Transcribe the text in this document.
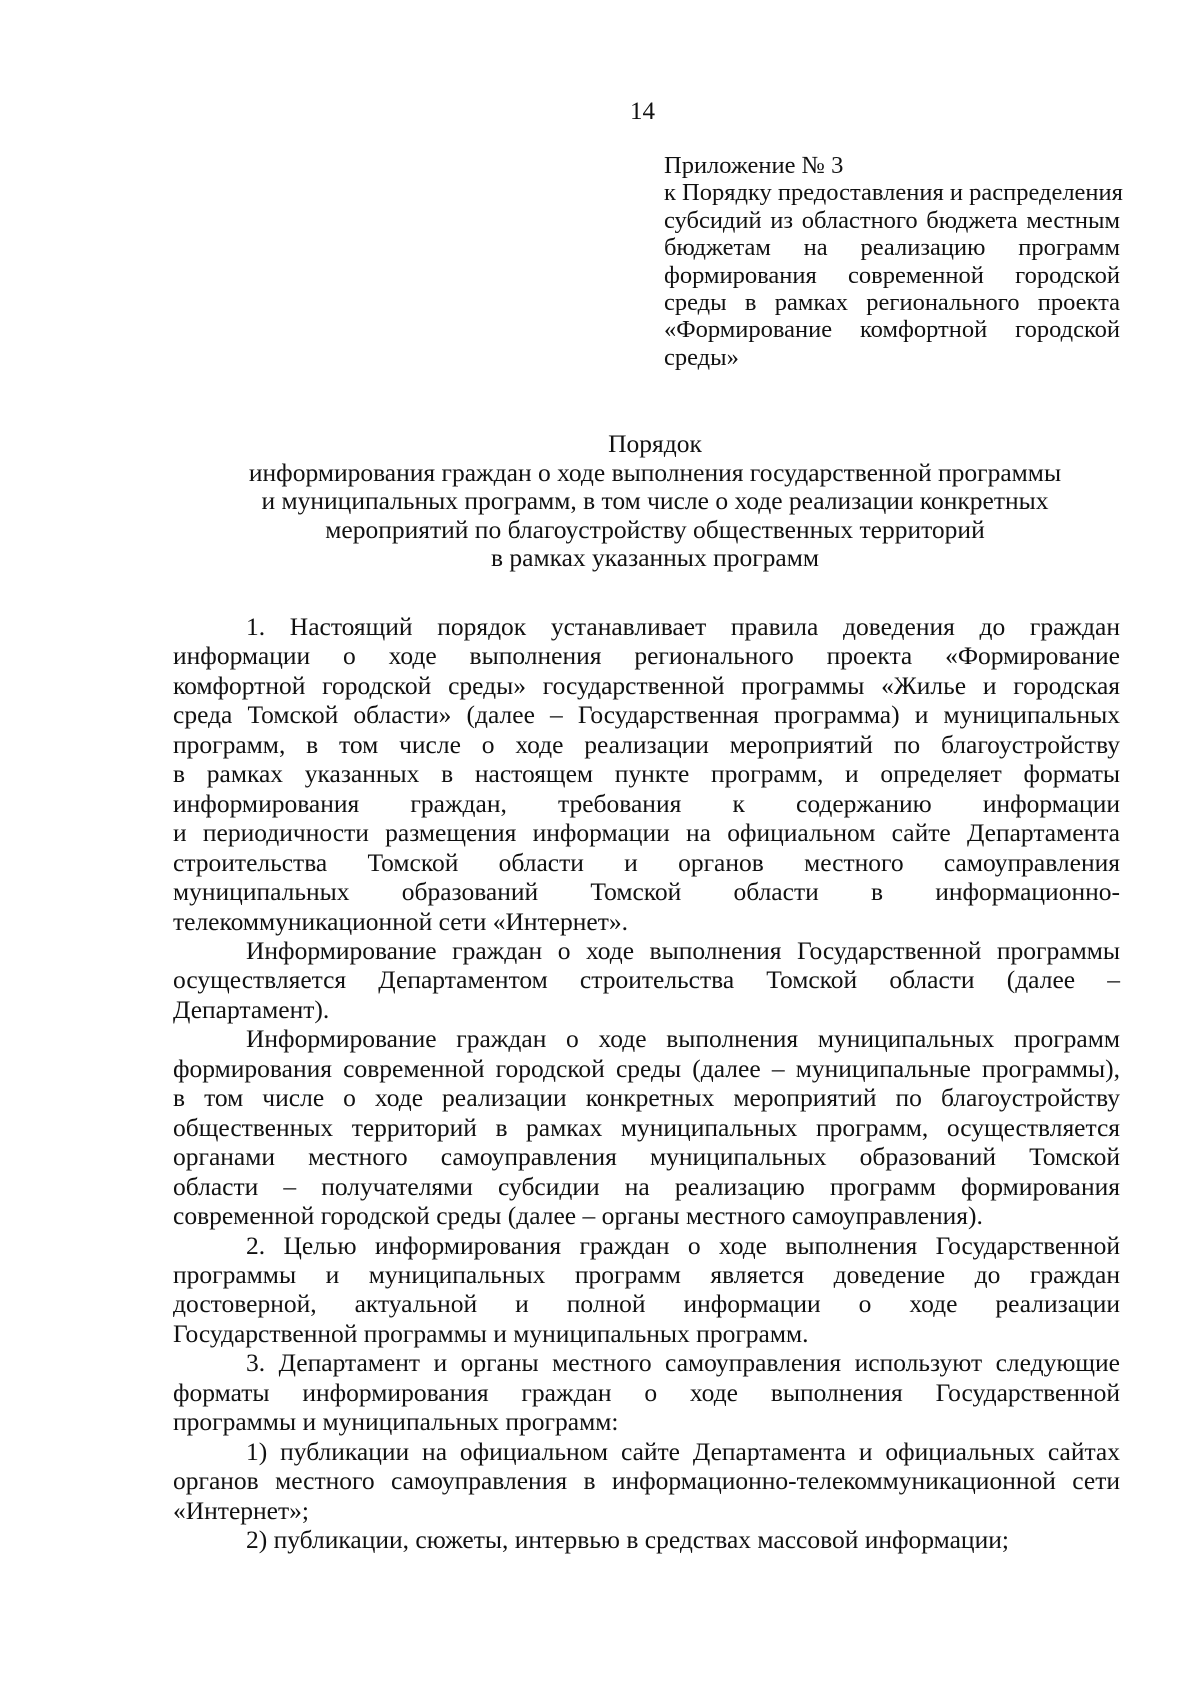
14
Приложение № 3
к Порядку предоставления и распределения
субсидий из областного бюджета местным
бюджетам на реализацию программ
формирования современной городской
среды в рамках регионального проекта
«Формирование комфортной городской
среды»
Порядок
информирования граждан о ходе выполнения государственной программы
и муниципальных программ, в том числе о ходе реализации конкретных
мероприятий по благоустройству общественных территорий
в рамках указанных программ
1. Настоящий порядок устанавливает правила доведения до граждан
информации о ходе выполнения регионального проекта «Формирование
комфортной городской среды» государственной программы «Жилье и городская
среда Томской области» (далее – Государственная программа) и муниципальных
программ, в том числе о ходе реализации мероприятий по благоустройству
в рамках указанных в настоящем пункте программ, и определяет форматы
информирования граждан, требования к содержанию информации
и периодичности размещения информации на официальном сайте Департамента
строительства Томской области и органов местного самоуправления
муниципальных образований Томской области в информационно-
телекоммуникационной сети «Интернет».
Информирование граждан о ходе выполнения Государственной программы
осуществляется Департаментом строительства Томской области (далее –
Департамент).
Информирование граждан о ходе выполнения муниципальных программ
формирования современной городской среды (далее – муниципальные программы),
в том числе о ходе реализации конкретных мероприятий по благоустройству
общественных территорий в рамках муниципальных программ, осуществляется
органами местного самоуправления муниципальных образований Томской
области – получателями субсидии на реализацию программ формирования
современной городской среды (далее – органы местного самоуправления).
2. Целью информирования граждан о ходе выполнения Государственной
программы и муниципальных программ является доведение до граждан
достоверной, актуальной и полной информации о ходе реализации
Государственной программы и муниципальных программ.
3. Департамент и органы местного самоуправления используют следующие
форматы информирования граждан о ходе выполнения Государственной
программы и муниципальных программ:
1) публикации на официальном сайте Департамента и официальных сайтах
органов местного самоуправления в информационно-телекоммуникационной сети
«Интернет»;
2) публикации, сюжеты, интервью в средствах массовой информации;
